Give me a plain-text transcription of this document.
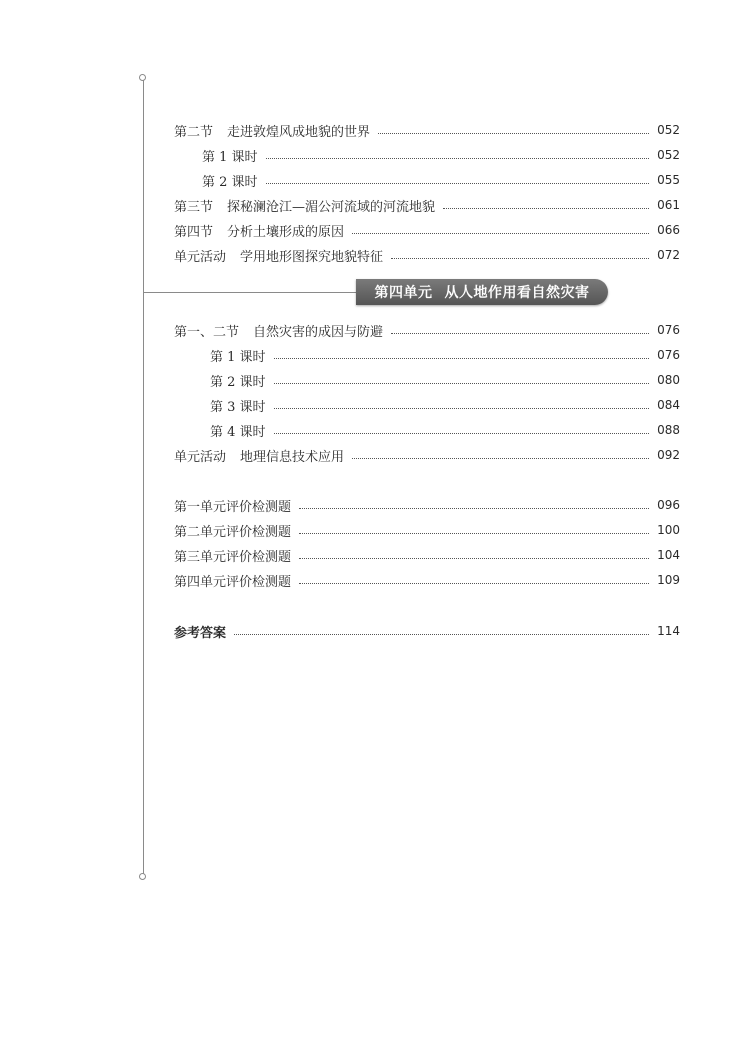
第二节 走进敦煌风成地貌的世界	052
第 1 课时	052
第 2 课时	055
第三节 探秘澜沧江—湄公河流域的河流地貌	061
第四节 分析土壤形成的原因	066
单元活动 学用地形图探究地貌特征	072
第四单元 从人地作用看自然灾害
第一、二节 自然灾害的成因与防避	076
第 1 课时	076
第 2 课时	080
第 3 课时	084
第 4 课时	088
单元活动 地理信息技术应用	092
第一单元评价检测题	096
第二单元评价检测题	100
第三单元评价检测题	104
第四单元评价检测题	109
参考答案	114
